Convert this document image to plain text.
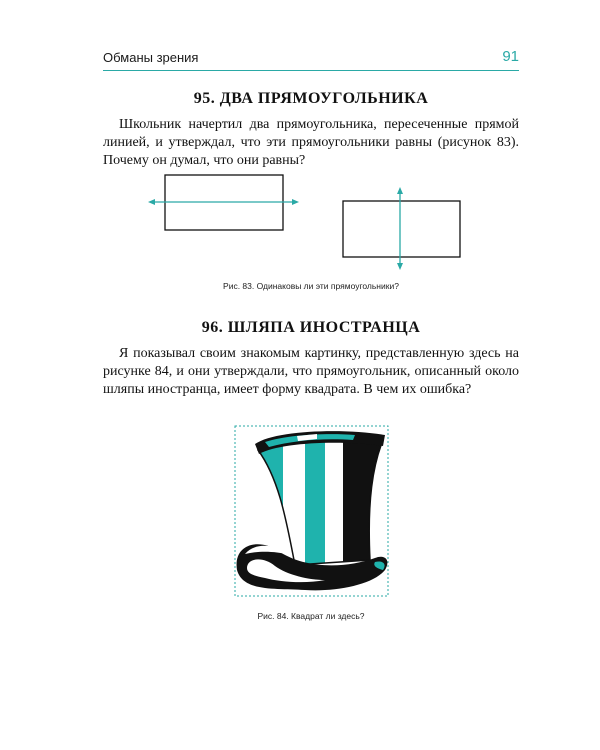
Обманы зрения	91
95. ДВА ПРЯМОУГОЛЬНИКА

Школьник начертил два прямоугольника, пересеченные прямой линией, и утверждал, что эти прямоугольники равны (рисунок 83). Почему он думал, что они равны?

Рис. 83. Одинаковы ли эти прямоугольники?
96. ШЛЯПА ИНОСТРАНЦА

Я показывал своим знакомым картинку, представленную здесь на рисунке 84, и они утверждали, что прямоугольник, описанный около шляпы иностранца, имеет форму квадрата. В чем их ошибка?

Рис. 84. Квадрат ли здесь?
